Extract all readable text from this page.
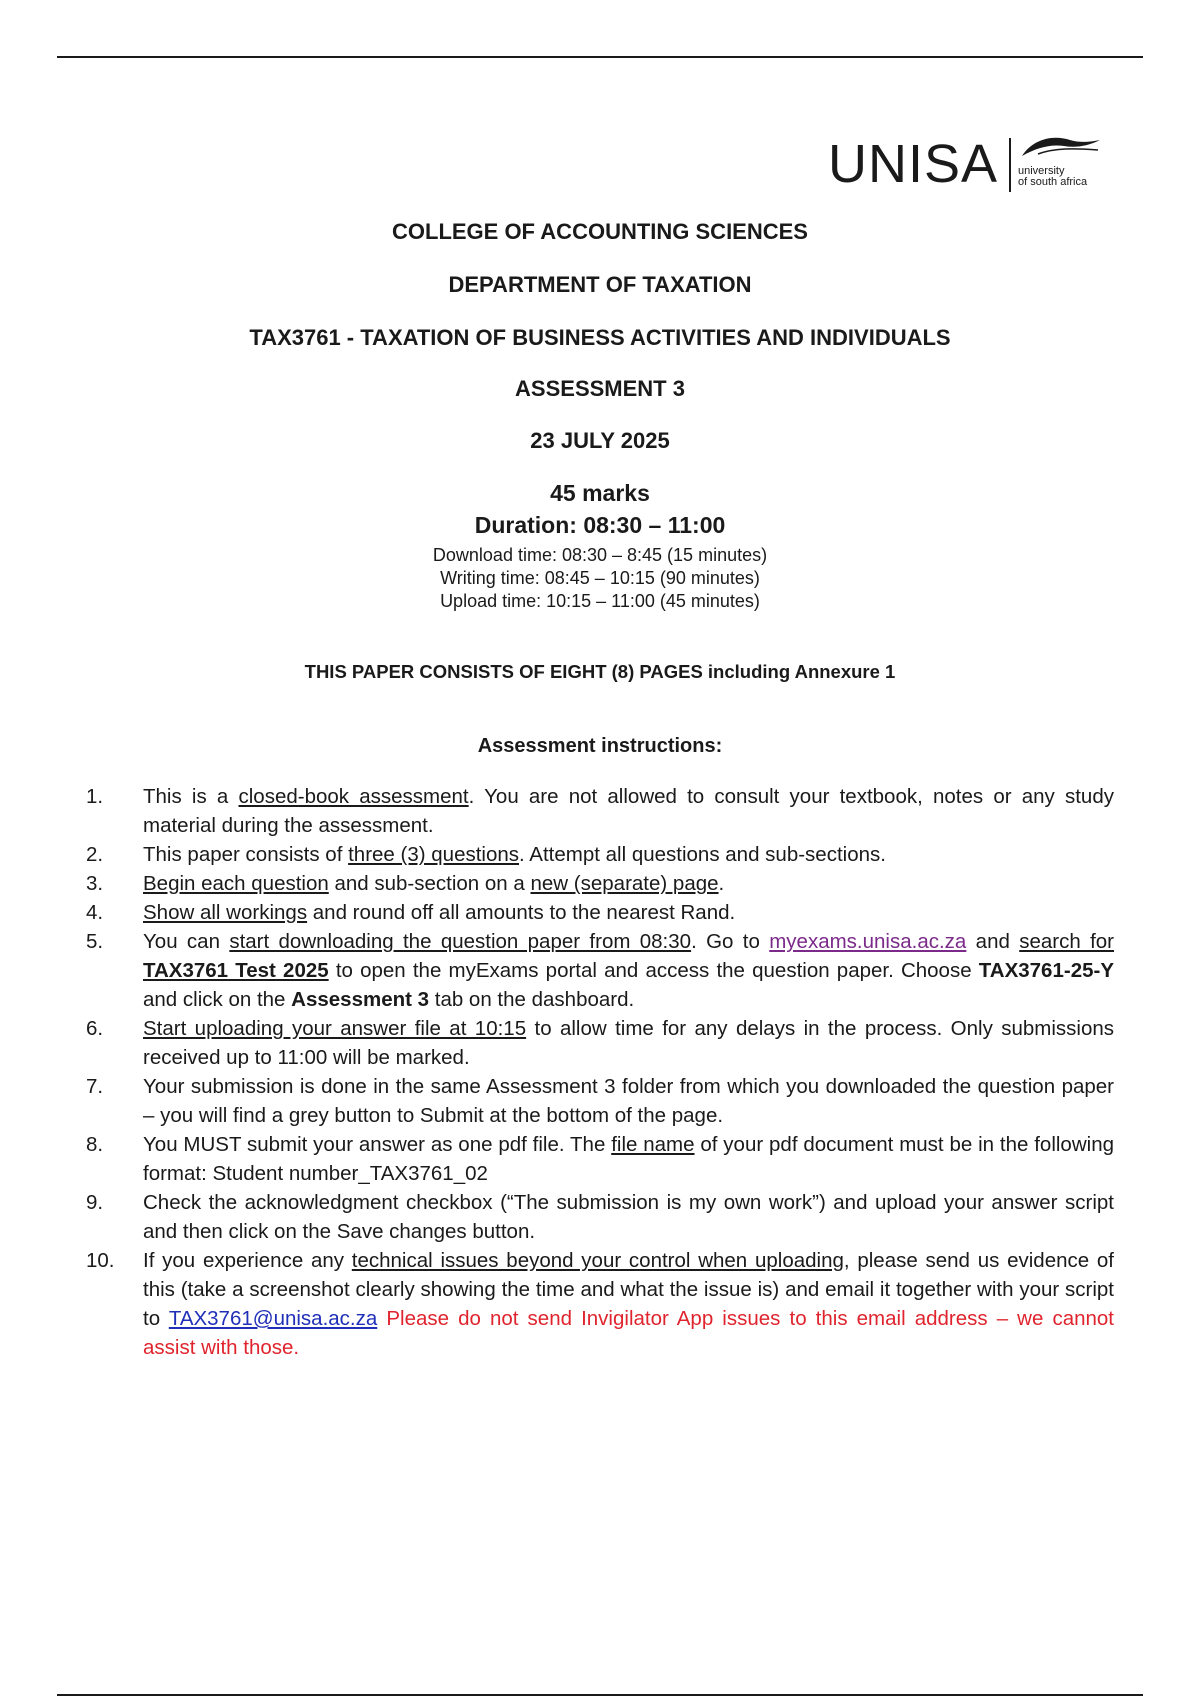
UNISA university
of south africa
COLLEGE OF ACCOUNTING SCIENCES
DEPARTMENT OF TAXATION
TAX3761 - TAXATION OF BUSINESS ACTIVITIES AND INDIVIDUALS
ASSESSMENT 3
23 JULY 2025
45 marks
Duration: 08:30 – 11:00
Download time: 08:30 – 8:45 (15 minutes)
Writing time: 08:45 – 10:15 (90 minutes)
Upload time: 10:15 – 11:00 (45 minutes)
THIS PAPER CONSISTS OF EIGHT (8) PAGES including Annexure 1
Assessment instructions:
1. This is a closed-book assessment. You are not allowed to consult your textbook, notes or any study material during the assessment.
2. This paper consists of three (3) questions. Attempt all questions and sub-sections.
3. Begin each question and sub-section on a new (separate) page.
4. Show all workings and round off all amounts to the nearest Rand.
5. You can start downloading the question paper from 08:30. Go to myexams.unisa.ac.za and search for TAX3761 Test 2025 to open the myExams portal and access the question paper. Choose TAX3761-25-Y and click on the Assessment 3 tab on the dashboard.
6. Start uploading your answer file at 10:15 to allow time for any delays in the process. Only submissions received up to 11:00 will be marked.
7. Your submission is done in the same Assessment 3 folder from which you downloaded the question paper – you will find a grey button to Submit at the bottom of the page.
8. You MUST submit your answer as one pdf file. The file name of your pdf document must be in the following format: Student number_TAX3761_02
9. Check the acknowledgment checkbox (“The submission is my own work”) and upload your answer script and then click on the Save changes button.
10. If you experience any technical issues beyond your control when uploading, please send us evidence of this (take a screenshot clearly showing the time and what the issue is) and email it together with your script to TAX3761@unisa.ac.za Please do not send Invigilator App issues to this email address – we cannot assist with those.
